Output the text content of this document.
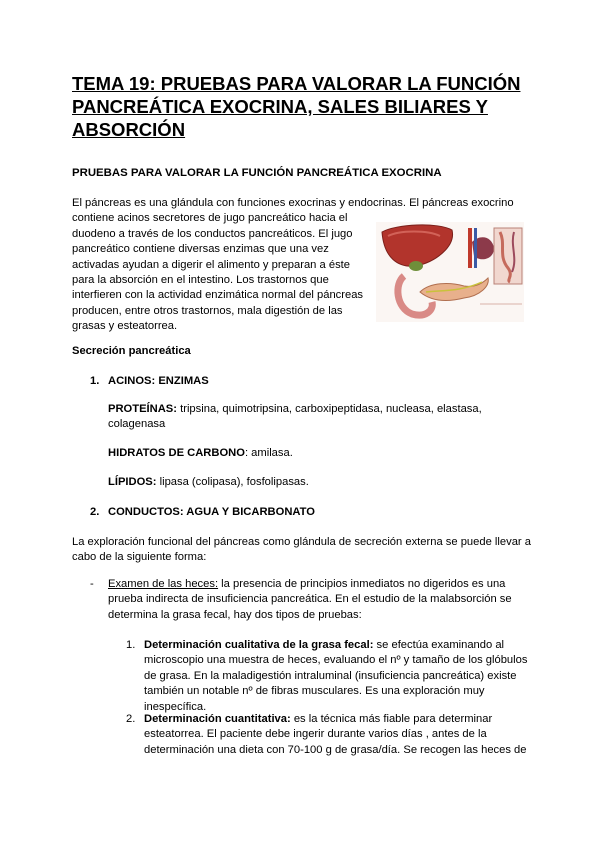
TEMA 19: PRUEBAS PARA VALORAR LA FUNCIÓN PANCREÁTICA EXOCRINA, SALES BILIARES Y ABSORCIÓN
PRUEBAS PARA VALORAR LA FUNCIÓN PANCREÁTICA EXOCRINA

El páncreas es una glándula con funciones exocrinas y endocrinas. El páncreas exocrino

contiene acinos secretores de jugo pancreático hacia el duodeno a través de los conductos pancreáticos. El jugo pancreático contiene diversas enzimas que una vez activadas ayudan a digerir el alimento y preparan a éste para la absorción en el intestino. Los trastornos que interfieren con la actividad enzimática normal del páncreas producen, entre otros trastornos, mala digestión de las grasas y esteatorrea.

Secreción pancreática

1. ACINOS: ENZIMAS

PROTEÍNAS: tripsina, quimotripsina, carboxipeptidasa, nucleasa, elastasa, colagenasa

HIDRATOS DE CARBONO: amilasa.

LÍPIDOS: lipasa (colipasa), fosfolipasas.

2. CONDUCTOS: AGUA Y BICARBONATO

La exploración funcional del páncreas como glándula de secreción externa se puede llevar a cabo de la siguiente forma:

- Examen de las heces: la presencia de principios inmediatos no digeridos es una prueba indirecta de insuficiencia pancreática. En el estudio de la malabsorción se determina la grasa fecal, hay dos tipos de pruebas:
1. Determinación cualitativa de la grasa fecal: se efectúa examinando al microscopio una muestra de heces, evaluando el nº y tamaño de los glóbulos de grasa. En la maladigestión intraluminal (insuficiencia pancreática) existe también un notable nº de fibras musculares. Es una exploración muy inespecífica.
2. Determinación cuantitativa: es la técnica más fiable para determinar esteatorrea. El paciente debe ingerir durante varios días , antes de la determinación una dieta con 70-100 g de grasa/día. Se recogen las heces de
